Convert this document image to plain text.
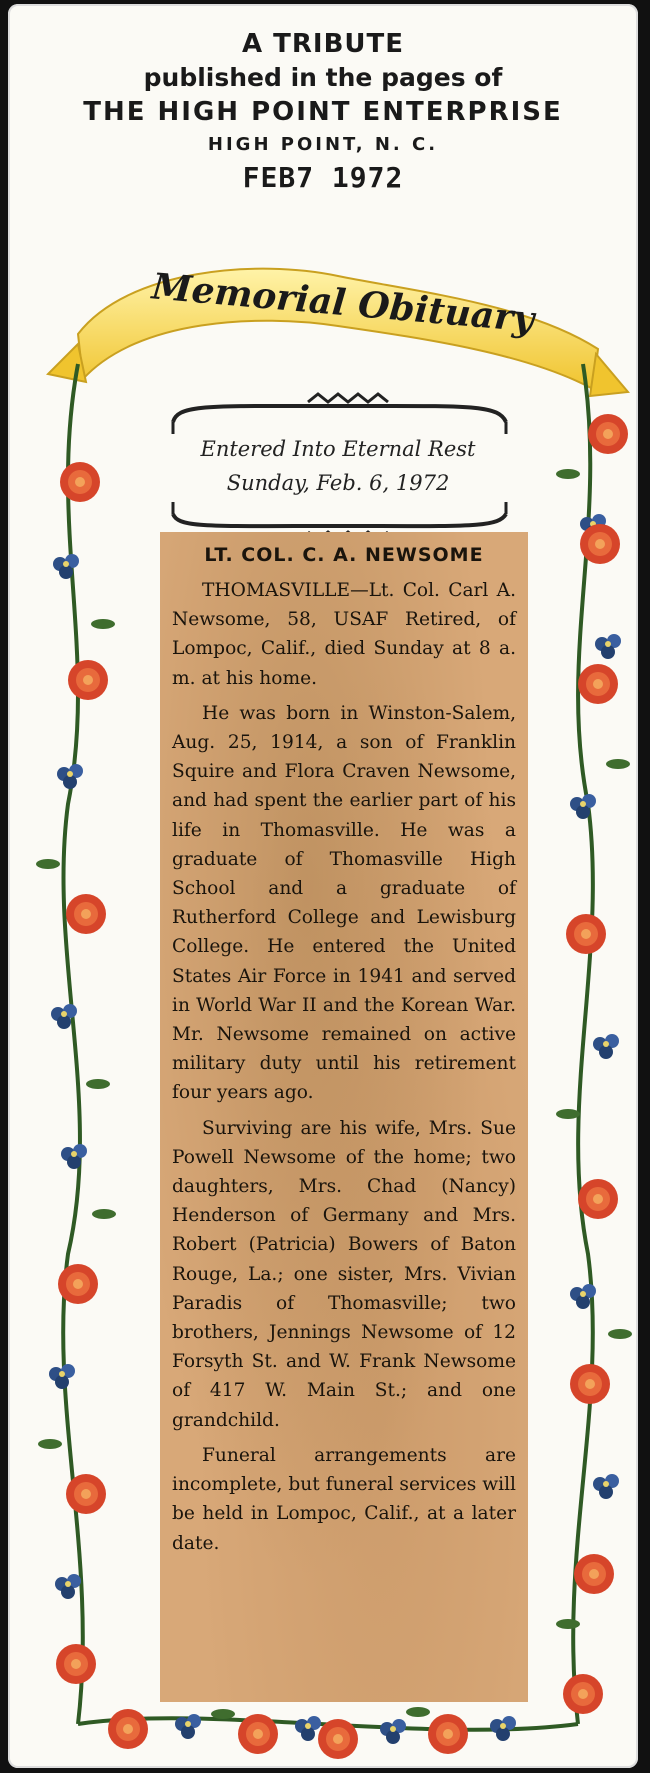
A TRIBUTE
published in the pages of
THE HIGH POINT ENTERPRISE
HIGH POINT, N. C.
FEB7 1972
Memorial Obituary
Entered Into Eternal Rest
Sunday, Feb. 6, 1972
LT. COL. C. A. NEWSOME

THOMASVILLE—Lt. Col. Carl A. Newsome, 58, USAF Retired, of Lompoc, Calif., died Sunday at 8 a. m. at his home.

He was born in Winston-Salem, Aug. 25, 1914, a son of Franklin Squire and Flora Craven Newsome, and had spent the earlier part of his life in Thomasville. He was a graduate of Thomasville High School and a graduate of Rutherford College and Lewisburg College. He entered the United States Air Force in 1941 and served in World War II and the Korean War. Mr. Newsome remained on active military duty until his retirement four years ago.

Surviving are his wife, Mrs. Sue Powell Newsome of the home; two daughters, Mrs. Chad (Nancy) Henderson of Germany and Mrs. Robert (Patricia) Bowers of Baton Rouge, La.; one sister, Mrs. Vivian Paradis of Thomasville; two brothers, Jennings Newsome of 12 Forsyth St. and W. Frank Newsome of 417 W. Main St.; and one grandchild.

Funeral arrangements are incomplete, but funeral services will be held in Lompoc, Calif., at a later date.
